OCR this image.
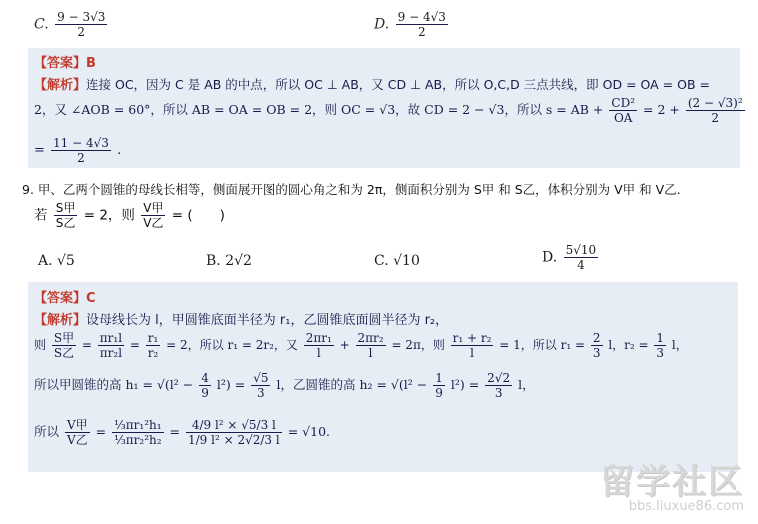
C. $\frac{9 - 3√3}{2}$	D. $\frac{9 - 4√3}{2}$
【答案】B
【解析】连接 OC，因为 C 是 AB 的中点，所以 OC ⊥ AB，又 CD ⊥ AB，所以 O,C,D 三点共线，即 OD = OA = OB =
2，又 ∠AOB = 60°，所以 AB = OA = OB = 2，则 OC = √3，故 CD = 2 − √3，所以 s = AB + $\frac{\text{CD²}}{OA} = 2 + \frac{\text{(2 − √3)²}}{2}$
= $\frac{11 - 4√3}{2}$ .
9. 甲、乙两个圆锥的母线长相等，侧面展开图的圆心角之和为 2π，侧面积分别为 S甲 和 S乙，体积分别为 V甲 和 V乙.
若 $\frac{\text{S甲}}{\text{S乙}} = 2$，则 $\frac{\text{V甲}}{\text{V乙}}$ = (　　)
A. √5	B. 2√2	C. √10	D. $\frac{5√10}{4}$
【答案】C
【解析】设母线长为 l，甲圆锥底面半径为 r₁，乙圆锥底面圆半径为 r₂，
则 $\frac{\text{S甲}}{\text{S乙}} = \frac{\text{πr₁l}}{\text{πr₂l}} = \frac{\text{r₁}}{\text{r₂}} = 2$，所以 r₁ = 2r₂，又 $\frac{\text{2πr₁}}{l} + \frac{\text{2πr₂}}{l} = 2\pi$，则 $\frac{\text{r₁ + r₂}}{l} = 1$，所以 $r_1 = \frac{2}{3}$ l，$r_2 = \frac{1}{3}$ l，
所以甲圆锥的高 $h_1 = √(l^2 - \frac{4}{9} l^2) = \frac{√5}{3}$ l，乙圆锥的高 $h_2 = √(l^2 - \frac{1}{9} l^2) = \frac{2√2}{3}$ l，
所以 $\frac{\text{V甲}}{\text{V乙}} = \frac{\text{⅓πr₁²h₁}}{\text{⅓πr₂²h₂}} = \frac{\text{4/9 l² × √5/3 l}}{\text{1/9 l² × 2√2/3 l}} = √10$.
留学社区
bbs.liuxue86.com
